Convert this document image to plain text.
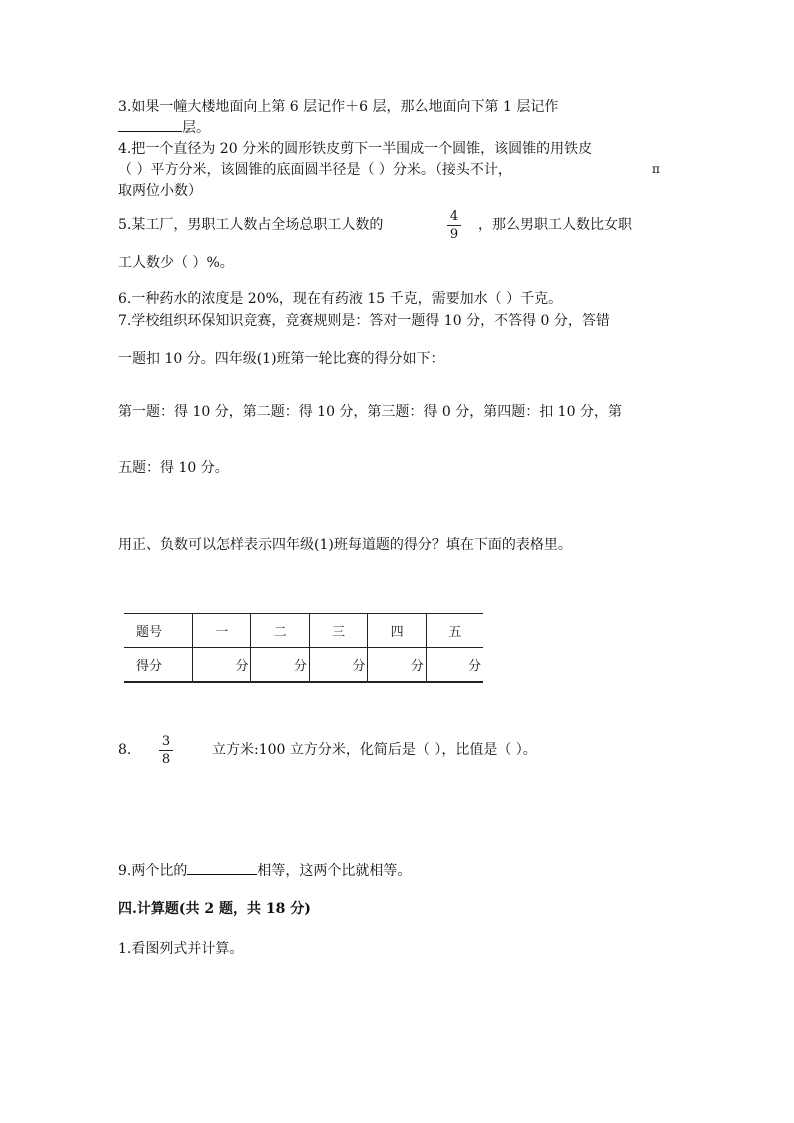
3.如果一幢大楼地面向上第 6 层记作＋6 层，那么地面向下第 1 层记作
层。
4.把一个直径为 20 分米的圆形铁皮剪下一半围成一个圆锥，该圆锥的用铁皮
（ ）平方分米，该圆锥的底面圆半径是（ ）分米。（接头不计，	π
取两位小数）
5.某工厂，男职工人数占全场总职工人数的
4
9
，那么男职工人数比女职
工人数少（ ）%。
6.一种药水的浓度是 20%，现在有药液 15 千克，需要加水（ ）千克。
7.学校组织环保知识竞赛，竞赛规则是：答对一题得 10 分，不答得 0 分，答错
一题扣 10 分。四年级(1)班第一轮比赛的得分如下：
第一题：得 10 分，第二题：得 10 分，第三题：得 0 分，第四题：扣 10 分，第
五题：得 10 分。
用正、负数可以怎样表示四年级(1)班每道题的得分？填在下面的表格里。
题号	一	二	三	四	五
得分	分	分	分	分	分
8.
3
8
立方米:100 立方分米，化简后是（ ），比值是（ ）。
9.两个比的	相等，这两个比就相等。
四.计算题(共 2 题，共 18 分)
1.看图列式并计算。
